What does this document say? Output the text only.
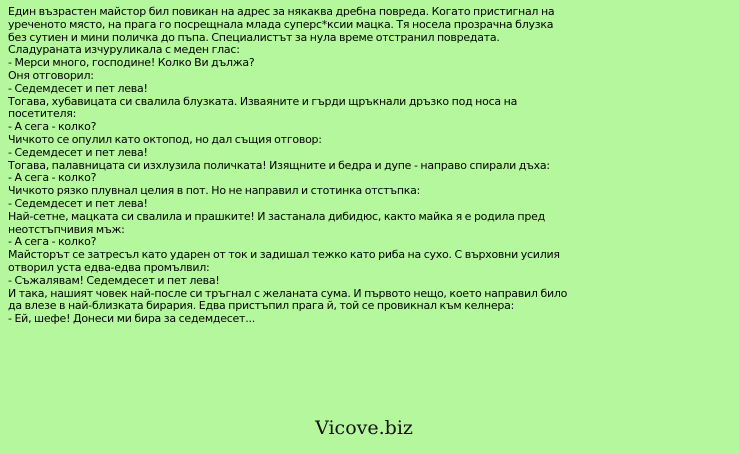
Един възрастен майстор бил повикан на адрес за някаква дребна повреда. Когато пристигнал на уреченото място, на прага го посрещнала млада суперс*ксии мацка. Тя носела прозрачна блузка без сутиен и мини поличка до пъпа. Специалистът за нула време отстранил повредата.
Сладураната изчуруликала с меден глас:
- Мерси много, господине! Колко Ви дължа?
Оня отговорил:
- Седемдесет и пет лева!
Тогава, хубавицата си свалила блузката. Изваяните и гърди щръкнали дръзко под носа на посетителя:
- А сега - колко?
Чичкото се опулил като октопод, но дал същия отговор:
- Седемдесет и пет лева!
Тогава, палавницата си изхлузила поличката! Изящните и бедра и дупе - направо спирали дъха:
- А сега - колко?
Чичкото рязко плувнал целия в пот. Но не направил и стотинка отстъпка:
- Седемдесет и пет лева!
Най-сетне, мацката си свалила и прашките! И застанала дибидюс, както майка я е родила пред неотстъпчивия мъж:
- А сега - колко?
Майсторът се затресъл като ударен от ток и задишал тежко като риба на сухо. С върховни усилия отворил уста едва-едва промълвил:
- Съжалявам! Седемдесет и пет лева!
И така, нашият човек най-после си тръгнал с желаната сума. И първото нещо, което направил било да влезе в най-близката бирария. Едва пристъпил прага й, той се провикнал към келнера:
- Ей, шефе! Донеси ми бира за седемдесет...
Vicove.biz
